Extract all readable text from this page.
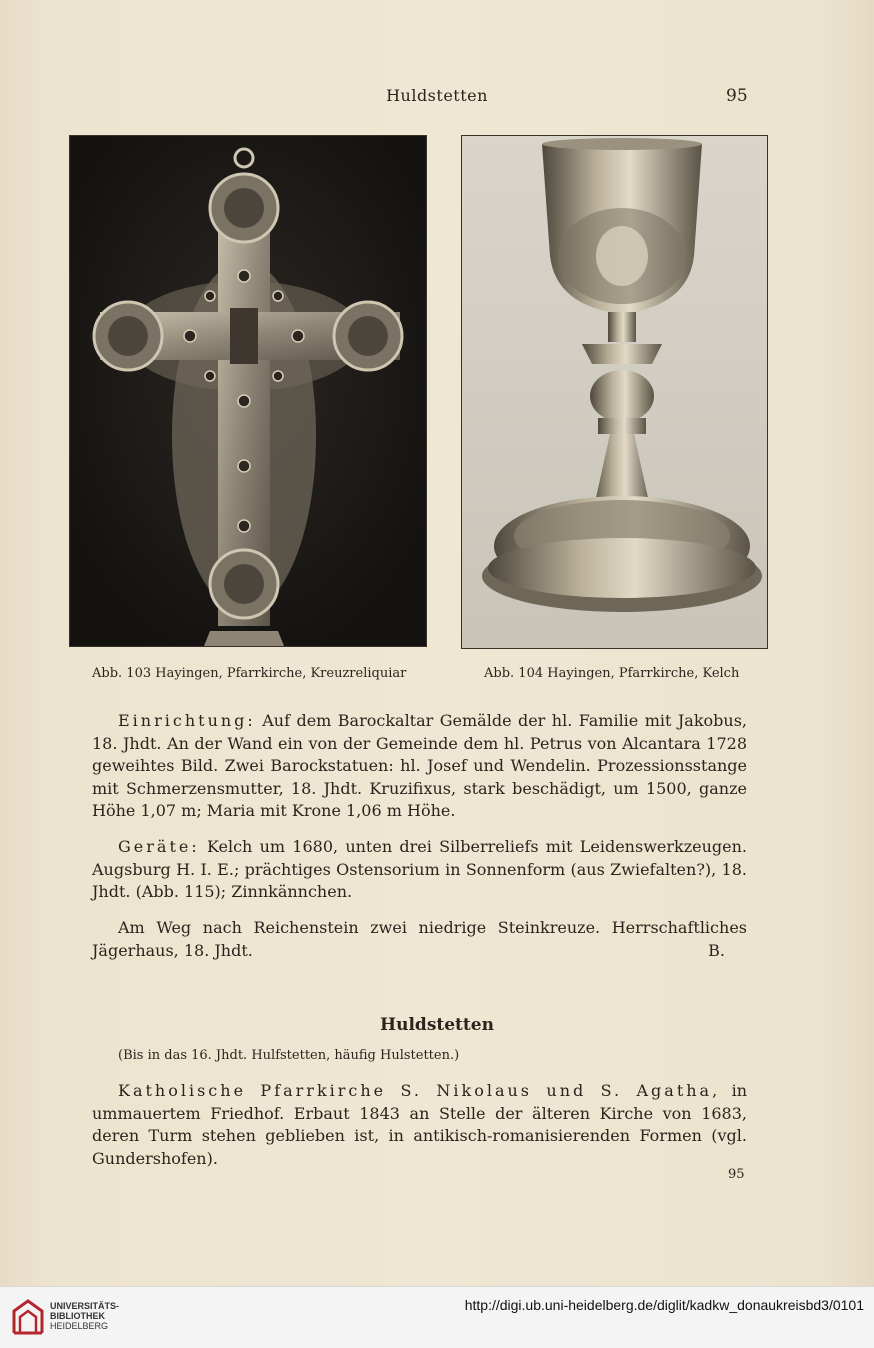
Huldstetten	95
Abb. 103 Hayingen, Pfarrkirche, Kreuzreliquiar	Abb. 104 Hayingen, Pfarrkirche, Kelch
Einrichtung: Auf dem Barockaltar Gemälde der hl. Familie mit Jakobus, 18. Jhdt. An der Wand ein von der Gemeinde dem hl. Petrus von Alcantara 1728 geweihtes Bild. Zwei Barockstatuen: hl. Josef und Wendelin. Prozessionsstange mit Schmerzensmutter, 18. Jhdt. Kruzifixus, stark beschädigt, um 1500, ganze Höhe 1,07 m; Maria mit Krone 1,06 m Höhe.
Geräte: Kelch um 1680, unten drei Silberreliefs mit Leidenswerkzeugen. Augsburg H. I. E.; prächtiges Ostensorium in Sonnenform (aus Zwiefalten?), 18. Jhdt. (Abb. 115); Zinnkännchen.
Am Weg nach Reichenstein zwei niedrige Steinkreuze. Herrschaftliches Jägerhaus, 18. Jhdt.	B.
Huldstetten
(Bis in das 16. Jhdt. Hulfstetten, häufig Hulstetten.)
Katholische Pfarrkirche S. Nikolaus und S. Agatha, in ummauertem Friedhof. Erbaut 1843 an Stelle der älteren Kirche von 1683, deren Turm stehen geblieben ist, in antikisch-romanisierenden Formen (vgl. Gundershofen).
95
UNIVERSITÄTS-
BIBLIOTHEK
HEIDELBERG
http://digi.ub.uni-heidelberg.de/diglit/kadkw_donaukreisbd3/0101
